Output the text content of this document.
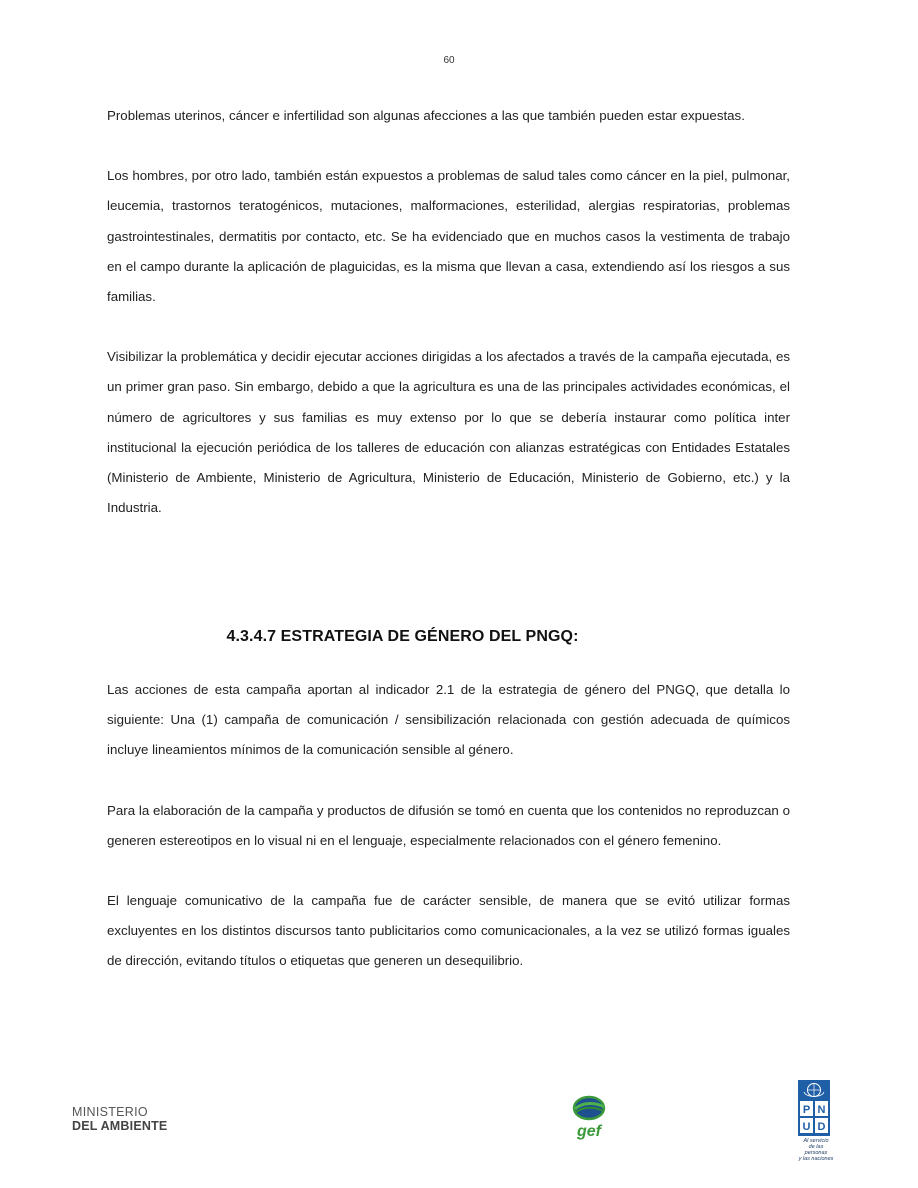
60

Problemas uterinos, cáncer e infertilidad son algunas afecciones a las que también pueden estar expuestas.

Los hombres, por otro lado, también están expuestos a problemas de salud tales como cáncer en la piel, pulmonar, leucemia, trastornos teratogénicos, mutaciones, malformaciones, esterilidad, alergias respiratorias, problemas gastrointestinales, dermatitis por contacto, etc. Se ha evidenciado que en muchos casos la vestimenta de trabajo en el campo durante la aplicación de plaguicidas, es la misma que llevan a casa, extendiendo así los riesgos a sus familias.

Visibilizar la problemática y decidir ejecutar acciones dirigidas a los afectados a través de la campaña ejecutada, es un primer gran paso. Sin embargo, debido a que la agricultura es una de las principales actividades económicas, el número de agricultores y sus familias es muy extenso por lo que se debería instaurar como política inter institucional la ejecución periódica de los talleres de educación con alianzas estratégicas con Entidades Estatales (Ministerio de Ambiente, Ministerio de Agricultura, Ministerio de Educación, Ministerio de Gobierno, etc.) y la Industria.

4.3.4.7 ESTRATEGIA DE GÉNERO DEL PNGQ:

Las acciones de esta campaña aportan al indicador 2.1 de la estrategia de género del PNGQ, que detalla lo siguiente: Una (1) campaña de comunicación / sensibilización relacionada con gestión adecuada de químicos incluye lineamientos mínimos de la comunicación sensible al género.

Para la elaboración de la campaña y productos de difusión se tomó en cuenta que los contenidos no reproduzcan o generen estereotipos en lo visual ni en el lenguaje, especialmente relacionados con el género femenino.

El lenguaje comunicativo de la campaña fue de carácter sensible, de manera que se evitó utilizar formas excluyentes en los distintos discursos tanto publicitarios como comunicacionales, a la vez se utilizó formas iguales de dirección, evitando títulos o etiquetas que generen un desequilibrio.

MINISTERIO
DEL AMBIENTE	gef
P N
U D
Al servicio
de las personas
y las naciones
